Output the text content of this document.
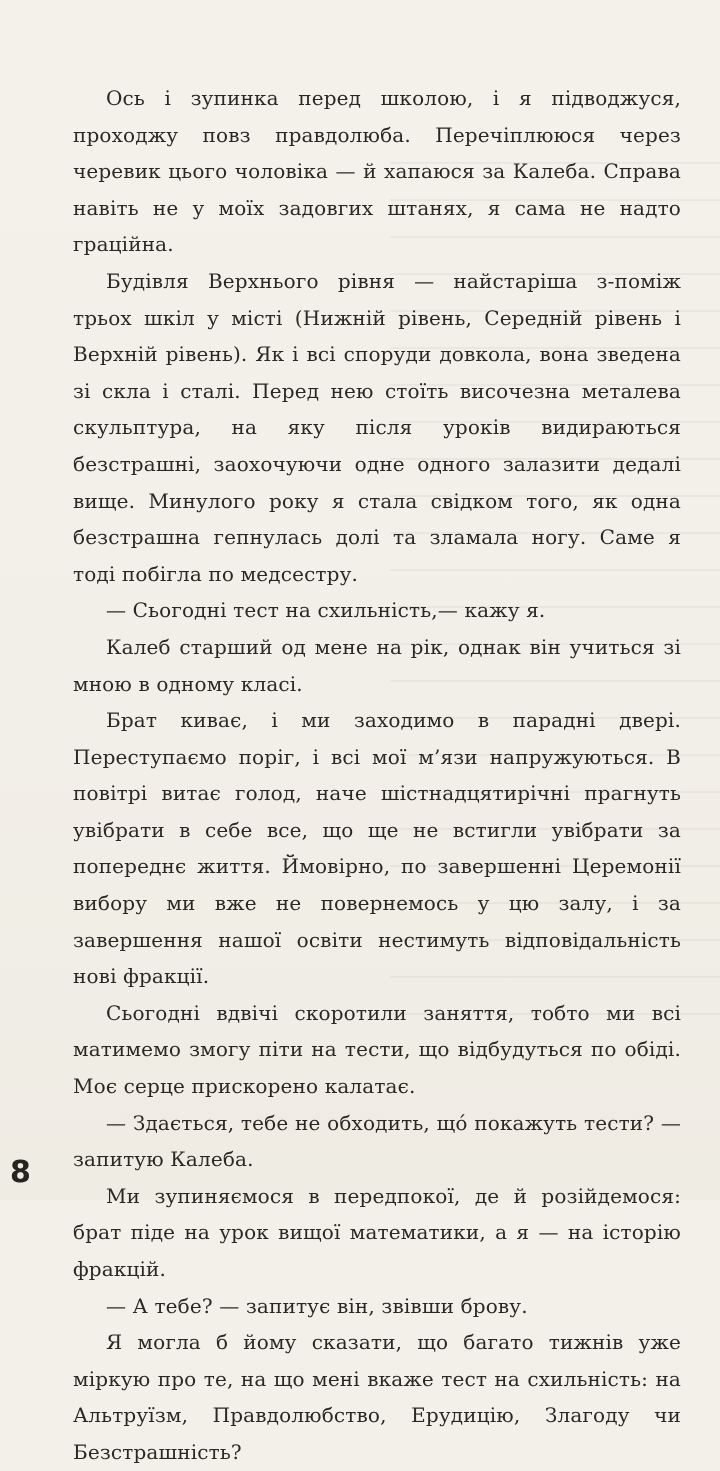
Ось і зупинка перед школою, і я підводжуся, проходжу повз правдолюба. Перечіплююся через черевик цього чоловіка — й хапаюся за Калеба. Справа навіть не у моїх задовгих штанях, я сама не надто граційна.

Будівля Верхнього рівня — найстаріша з-поміж трьох шкіл у місті (Нижній рівень, Середній рівень і Верхній рівень). Як і всі споруди довкола, вона зведена зі скла і сталі. Перед нею стоїть височезна металева скульптура, на яку після уроків видираються безстрашні, заохочуючи одне одного залазити дедалі вище. Минулого року я стала свідком того, як одна безстрашна гепнулась долі та зламала ногу. Саме я тоді побігла по медсестру.

— Сьогодні тест на схильність,— кажу я.

Калеб старший од мене на рік, однак він учиться зі мною в одному класі.

Брат киває, і ми заходимо в парадні двері. Переступаємо поріг, і всі мої м’язи напружуються. В повітрі витає голод, наче шістнадцятирічні прагнуть увібрати в себе все, що ще не встигли увібрати за попереднє життя. Ймовірно, по завершенні Церемонії вибору ми вже не повернемось у цю залу, і за завершення нашої освіти нестимуть відповідальність нові фракції.

Сьогодні вдвічі скоротили заняття, тобто ми всі матимемо змогу піти на тести, що відбудуться по обіді. Моє серце прискорено калатає.

— Здається, тебе не обходить, щó покажуть тести? — запитую Калеба.

Ми зупиняємося в передпокої, де й розійдемося: брат піде на урок вищої математики, а я — на історію фракцій.

— А тебе? — запитує він, звівши брову.

Я могла б йому сказати, що багато тижнів уже міркую про те, на що мені вкаже тест на схильність: на Альтруїзм, Правдолюбство, Ерудицію, Злагоду чи Безстрашність?

8
